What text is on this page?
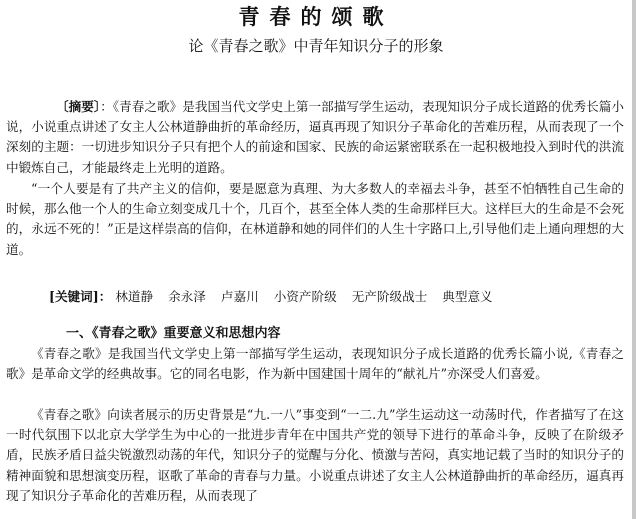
青春的颂歌
论《青春之歌》中青年知识分子的形象

〔摘要〕：《青春之歌》是我国当代文学史上第一部描写学生运动，表现知识分子成长道路的优秀长篇小说，小说重点讲述了女主人公林道静曲折的革命经历，逼真再现了知识分子革命化的苦难历程，从而表现了一个深刻的主题：一切进步知识分子只有把个人的前途和国家、民族的命运紧密联系在一起积极地投入到时代的洪流中锻炼自己，才能最终走上光明的道路。

“一个人要是有了共产主义的信仰，要是愿意为真理、为大多数人的幸福去斗争，甚至不怕牺牲自己生命的时候，那么他一个人的生命立刻变成几十个，几百个，甚至全体人类的生命那样巨大。这样巨大的生命是不会死的，永远不死的！”正是这样崇高的信仰，在林道静和她的同伴们的人生十字路口上,引导他们走上通向理想的大道。

[关键词]： 林道静 余永泽 卢嘉川 小资产阶级 无产阶级战士 典型意义
一、《青春之歌》重要意义和思想内容

《青春之歌》是我国当代文学史上第一部描写学生运动，表现知识分子成长道路的优秀长篇小说,《青春之歌》是革命文学的经典故事。它的同名电影，作为新中国建国十周年的“献礼片”亦深受人们喜爱。

《青春之歌》向读者展示的历史背景是“九.一八”事变到“一二.九”学生运动这一动荡时代，作者描写了在这一时代氛围下以北京大学学生为中心的一批进步青年在中国共产党的领导下进行的革命斗争，反映了在阶级矛盾，民族矛盾日益尖锐激烈动荡的年代，知识分子的觉醒与分化、愤激与苦闷，真实地记载了当时的知识分子的精神面貌和思想演变历程，讴歌了革命的青春与力量。小说重点讲述了女主人公林道静曲折的革命经历，逼真再现了知识分子革命化的苦难历程，从而表现了
